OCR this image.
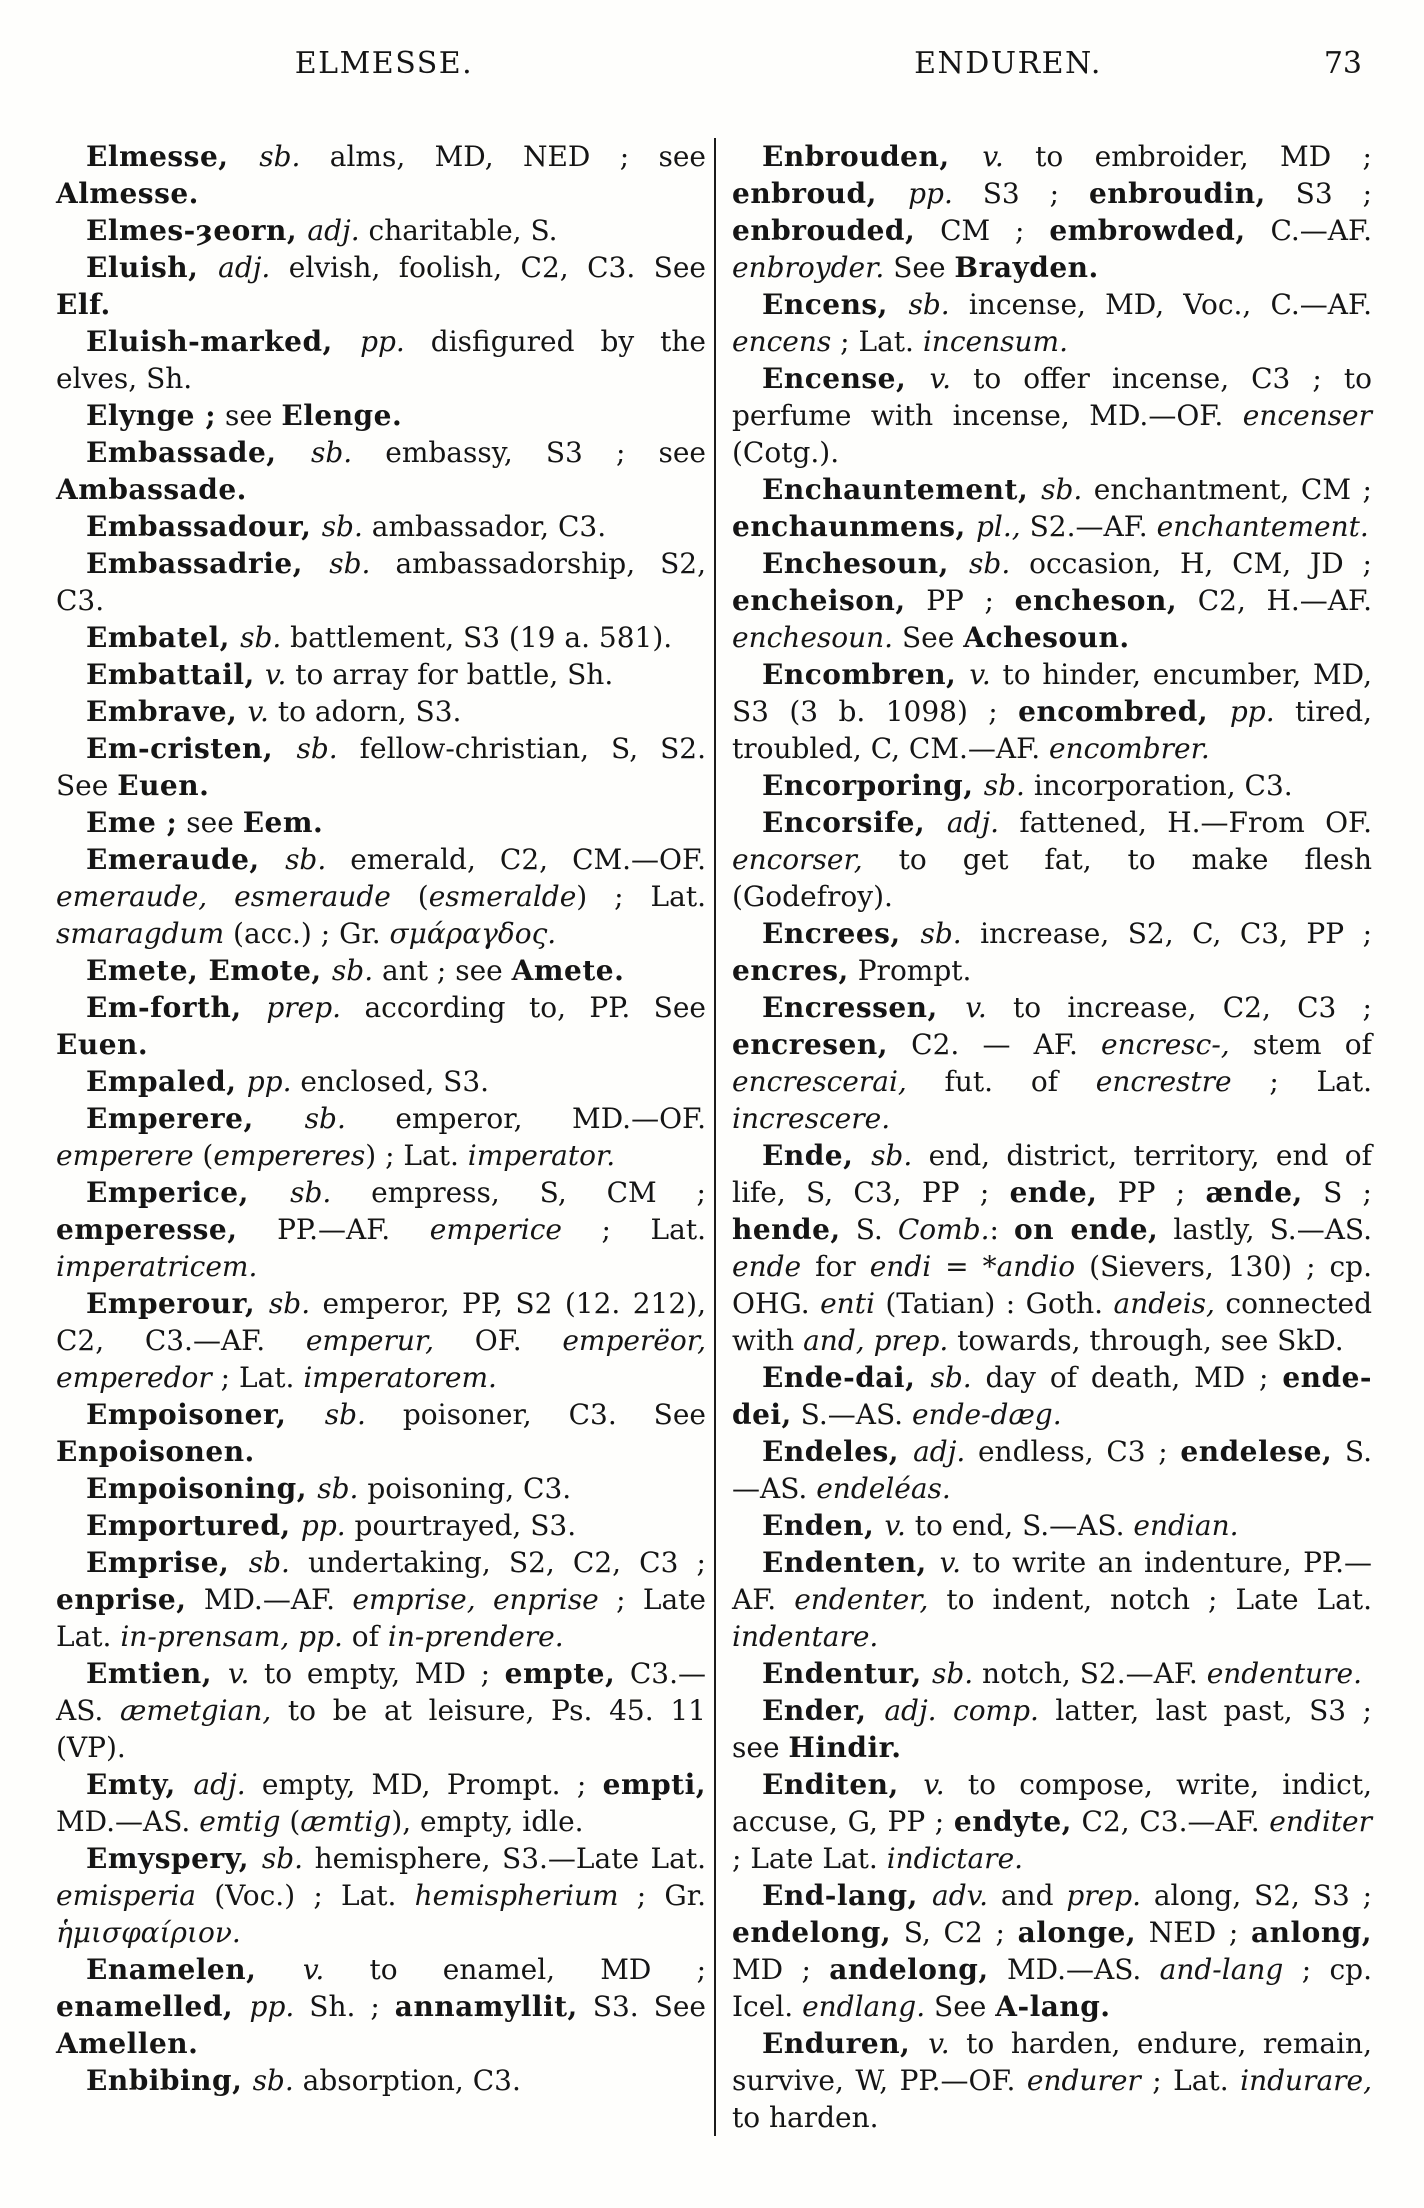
ELMESSE.	ENDUREN.	73

Elmesse, sb. alms, MD, NED ; see Almesse.

Elmes-ȝeorn, adj. charitable, S.

Eluish, adj. elvish, foolish, C2, C3. See Elf.

Eluish-marked, pp. disfigured by the elves, Sh.

Elynge ; see Elenge.

Embassade, sb. embassy, S3 ; see Ambassade.

Embassadour, sb. ambassador, C3.

Embassadrie, sb. ambassadorship, S2, C3.

Embatel, sb. battlement, S3 (19 a. 581).

Embattail, v. to array for battle, Sh.

Embrave, v. to adorn, S3.

Em-cristen, sb. fellow-christian, S, S2. See Euen.

Eme ; see Eem.

Emeraude, sb. emerald, C2, CM.—OF. emeraude, esmeraude (esmeralde) ; Lat. smaragdum (acc.) ; Gr. σμάραγδος.

Emete, Emote, sb. ant ; see Amete.

Em-forth, prep. according to, PP. See Euen.

Empaled, pp. enclosed, S3.

Emperere, sb. emperor, MD.—OF. emperere (empereres) ; Lat. imperator.

Emperice, sb. empress, S, CM ; emperesse, PP.—AF. emperice ; Lat. imperatricem.

Emperour, sb. emperor, PP, S2 (12. 212), C2, C3.—AF. emperur, OF. emperëor, emperedor ; Lat. imperatorem.

Empoisoner, sb. poisoner, C3. See Enpoisonen.

Empoisoning, sb. poisoning, C3.

Emportured, pp. pourtrayed, S3.

Emprise, sb. undertaking, S2, C2, C3 ; enprise, MD.—AF. emprise, enprise ; Late Lat. in-prensam, pp. of in-prendere.

Emtien, v. to empty, MD ; empte, C3.—AS. æmetgian, to be at leisure, Ps. 45. 11 (VP).

Emty, adj. empty, MD, Prompt. ; empti, MD.—AS. emtig (æmtig), empty, idle.

Emyspery, sb. hemisphere, S3.—Late Lat. emisperia (Voc.) ; Lat. hemispherium ; Gr. ἡμισφαίριον.

Enamelen, v. to enamel, MD ; enamelled, pp. Sh. ; annamyllit, S3. See Amellen.

Enbibing, sb. absorption, C3.

Enbrouden, v. to embroider, MD ; enbroud, pp. S3 ; enbroudin, S3 ; enbrouded, CM ; embrowded, C.—AF. enbroyder. See Brayden.

Encens, sb. incense, MD, Voc., C.—AF. encens ; Lat. incensum.

Encense, v. to offer incense, C3 ; to perfume with incense, MD.—OF. encenser (Cotg.).

Enchauntement, sb. enchantment, CM ; enchaunmens, pl., S2.—AF. enchantement.

Enchesoun, sb. occasion, H, CM, JD ; encheison, PP ; encheson, C2, H.—AF. enchesoun. See Achesoun.

Encombren, v. to hinder, encumber, MD, S3 (3 b. 1098) ; encombred, pp. tired, troubled, C, CM.—AF. encombrer.

Encorporing, sb. incorporation, C3.

Encorsife, adj. fattened, H.—From OF. encorser, to get fat, to make flesh (Godefroy).

Encrees, sb. increase, S2, C, C3, PP ; encres, Prompt.

Encressen, v. to increase, C2, C3 ; encresen, C2. — AF. encresc-, stem of encrescerai, fut. of encrestre ; Lat. increscere.

Ende, sb. end, district, territory, end of life, S, C3, PP ; ende, PP ; ænde, S ; hende, S. Comb.: on ende, lastly, S.—AS. ende for endi = *andio (Sievers, 130) ; cp. OHG. enti (Tatian) : Goth. andeis, connected with and, prep. towards, through, see SkD.

Ende-dai, sb. day of death, MD ; ende-dei, S.—AS. ende-dæg.

Endeles, adj. endless, C3 ; endelese, S.—AS. endeléas.

Enden, v. to end, S.—AS. endian.

Endenten, v. to write an indenture, PP.—AF. endenter, to indent, notch ; Late Lat. indentare.

Endentur, sb. notch, S2.—AF. endenture.

Ender, adj. comp. latter, last past, S3 ; see Hindir.

Enditen, v. to compose, write, indict, accuse, G, PP ; endyte, C2, C3.—AF. enditer ; Late Lat. indictare.

End-lang, adv. and prep. along, S2, S3 ; endelong, S, C2 ; alonge, NED ; anlong, MD ; andelong, MD.—AS. and-lang ; cp. Icel. endlang. See A-lang.

Enduren, v. to harden, endure, remain, survive, W, PP.—OF. endurer ; Lat. indurare, to harden.
